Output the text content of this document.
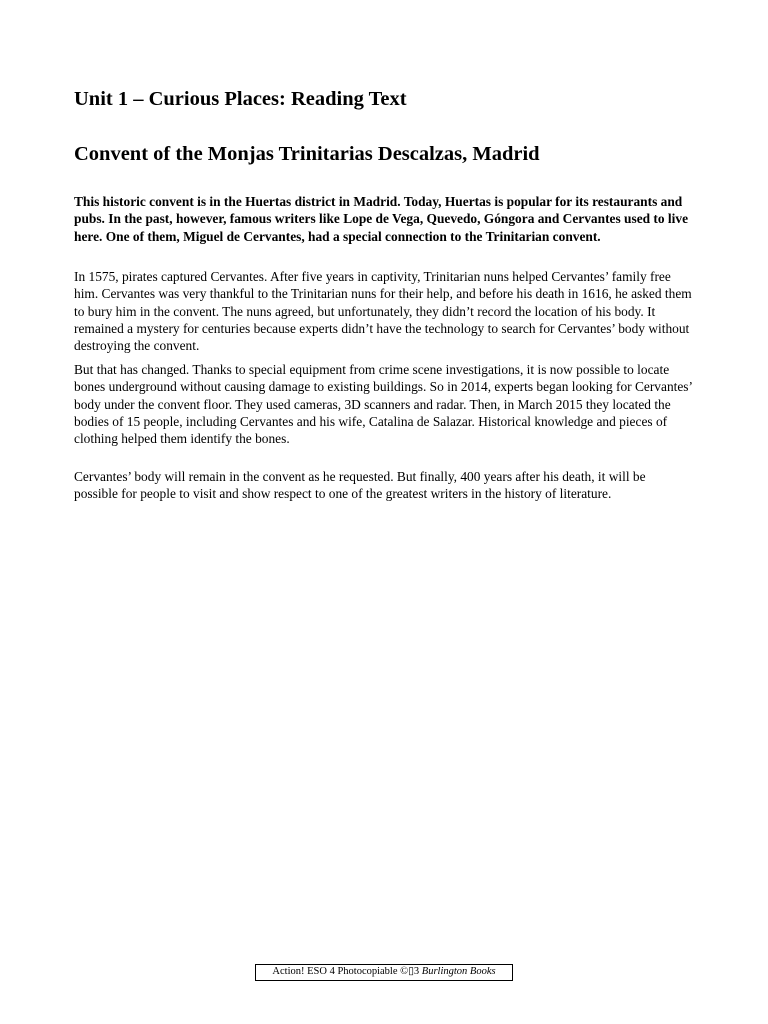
Unit 1 – Curious Places: Reading Text
Convent of the Monjas Trinitarias Descalzas, Madrid

This historic convent is in the Huertas district in Madrid. Today, Huertas is popular for its restaurants and pubs. In the past, however, famous writers like Lope de Vega, Quevedo, Góngora and Cervantes used to live here. One of them, Miguel de Cervantes, had a special connection to the Trinitarian convent.

In 1575, pirates captured Cervantes. After five years in captivity, Trinitarian nuns helped Cervantes’ family free him. Cervantes was very thankful to the Trinitarian nuns for their help, and before his death in 1616, he asked them to bury him in the convent. The nuns agreed, but unfortunately, they didn’t record the location of his body. It remained a mystery for centuries because experts didn’t have the technology to search for Cervantes’ body without destroying the convent.

But that has changed. Thanks to special equipment from crime scene investigations, it is now possible to locate bones underground without causing damage to existing buildings. So in 2014, experts began looking for Cervantes’ body under the convent floor. They used cameras, 3D scanners and radar. Then, in March 2015 they located the bodies of 15 people, including Cervantes and his wife, Catalina de Salazar. Historical knowledge and pieces of clothing helped them identify the bones.

Cervantes’ body will remain in the convent as he requested. But finally, 400 years after his death, it will be possible for people to visit and show respect to one of the greatest writers in the history of literature.

Action! ESO 4 Photocopiable ©▯3 Burlington Books
